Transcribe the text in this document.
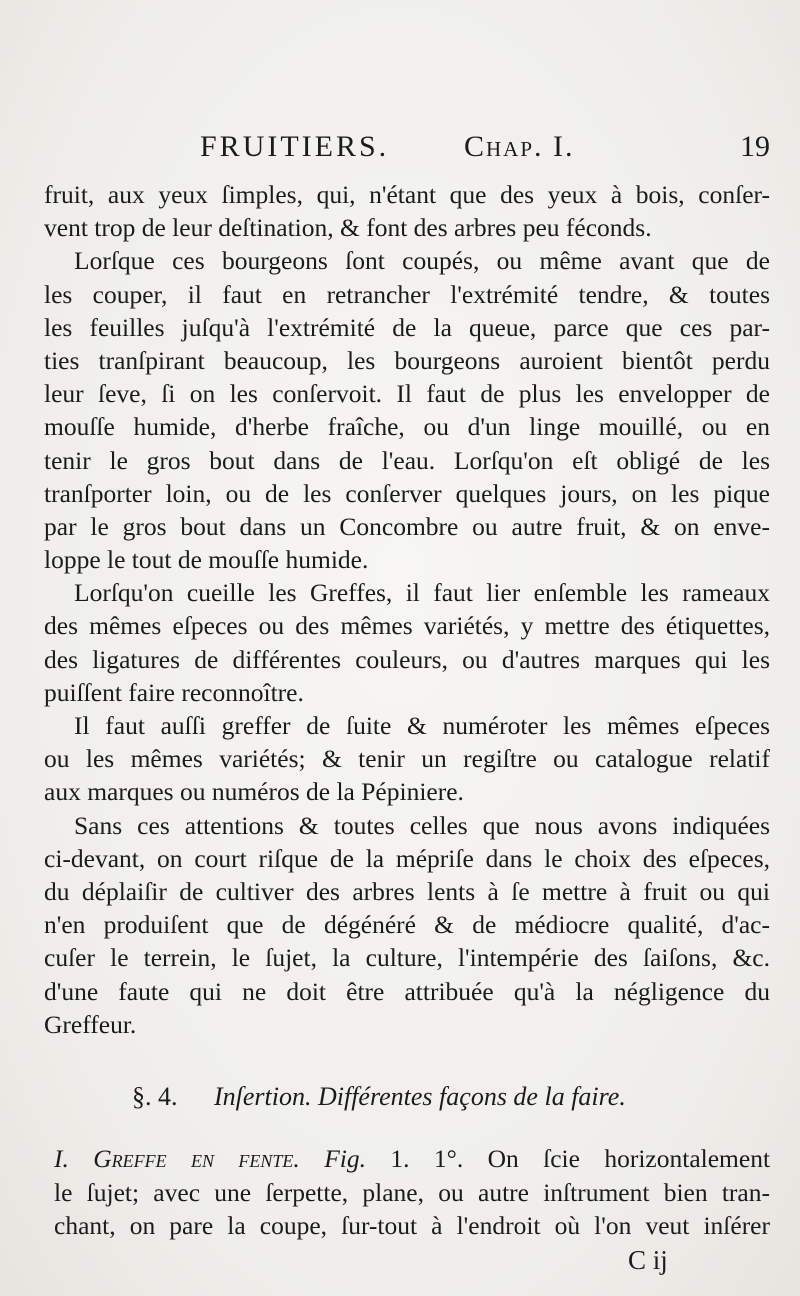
FRUITIERS. Chap. I.	19
fruit, aux yeux ſimples, qui, n'étant que des yeux à bois, conſer-
vent trop de leur deſtination, & font des arbres peu féconds.
Lorſque ces bourgeons ſont coupés, ou même avant que de
les couper, il faut en retrancher l'extrémité tendre, & toutes
les feuilles juſqu'à l'extrémité de la queue, parce que ces par-
ties tranſpirant beaucoup, les bourgeons auroient bientôt perdu
leur ſeve, ſi on les conſervoit. Il faut de plus les envelopper de
mouſſe humide, d'herbe fraîche, ou d'un linge mouillé, ou en
tenir le gros bout dans de l'eau. Lorſqu'on eſt obligé de les
tranſporter loin, ou de les conſerver quelques jours, on les pique
par le gros bout dans un Concombre ou autre fruit, & on enve-
loppe le tout de mouſſe humide.
Lorſqu'on cueille les Greffes, il faut lier enſemble les rameaux
des mêmes eſpeces ou des mêmes variétés, y mettre des étiquettes,
des ligatures de différentes couleurs, ou d'autres marques qui les
puiſſent faire reconnoître.
Il faut auſſi greffer de ſuite & numéroter les mêmes eſpeces
ou les mêmes variétés; & tenir un regiſtre ou catalogue relatif
aux marques ou numéros de la Pépiniere.
Sans ces attentions & toutes celles que nous avons indiquées
ci-devant, on court riſque de la mépriſe dans le choix des eſpeces,
du déplaiſir de cultiver des arbres lents à ſe mettre à fruit ou qui
n'en produiſent que de dégénéré & de médiocre qualité, d'ac-
cuſer le terrein, le ſujet, la culture, l'intempérie des ſaiſons, &c.
d'une faute qui ne doit être attribuée qu'à la négligence du
Greffeur.
§. 4. Inſertion. Différentes façons de la faire.
I. Greffe en fente. Fig. 1. 1°. On ſcie horizontalement
le ſujet; avec une ſerpette, plane, ou autre inſtrument bien tran-
chant, on pare la coupe, ſur-tout à l'endroit où l'on veut inſérer
C ij
